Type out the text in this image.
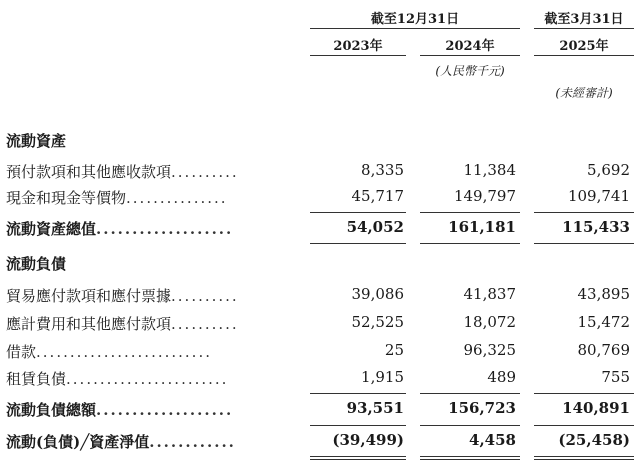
截至12月31日	截至3月31日
2023年	2024年	2025年
(人民幣千元)
(未經審計)
流動資產
預付款項和其他應收款項..........	8,335	11,384	5,692
現金和現金等價物...............	45,717	149,797	109,741
流動資產總值...................	54,052	161,181	115,433
流動負債
貿易應付款項和應付票據..........	39,086	41,837	43,895
應計費用和其他應付款項..........	52,525	18,072	15,472
借款..........................	25	96,325	80,769
租賃負債........................	1,915	489	755
流動負債總額...................	93,551	156,723	140,891
流動(負債)╱資產淨值............	(39,499)	4,458	(25,458)
